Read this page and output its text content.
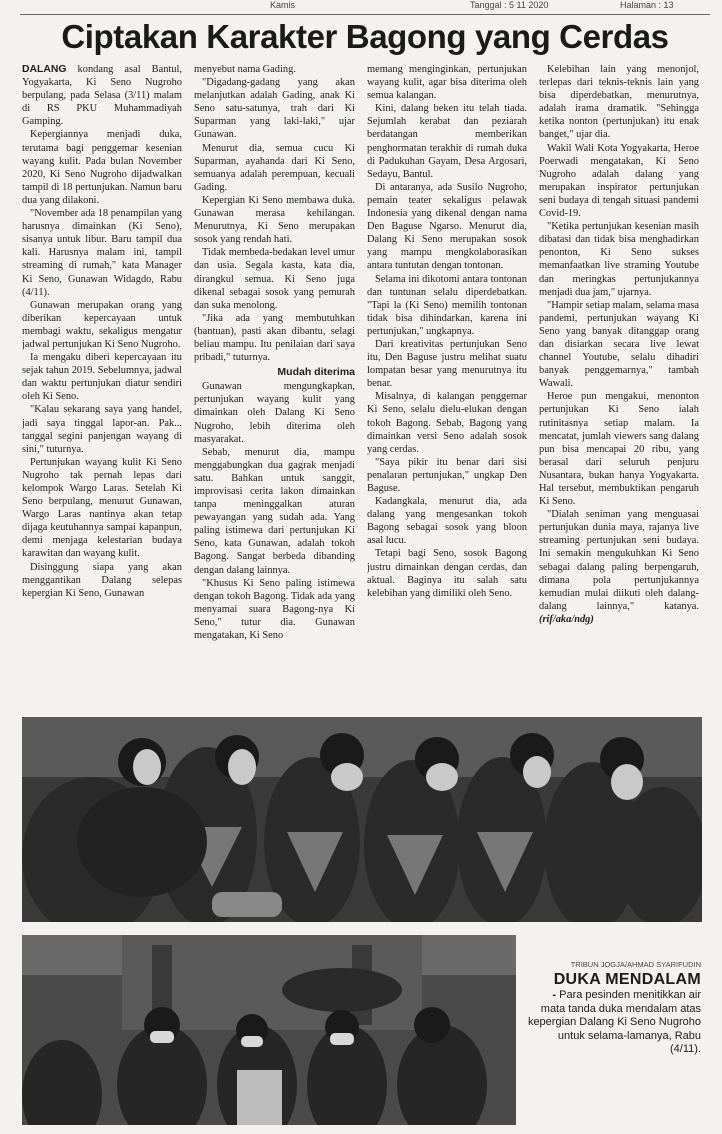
Kamis	Tanggal : 5 11 2020	Halaman : 13
Ciptakan Karakter Bagong yang Cerdas

DALANG kondang asal Bantul, Yogyakarta, Ki Seno Nugroho berpulang, pada Selasa (3/11) malam di RS PKU Muhammadiyah Gamping.

Kepergiannya menjadi duka, terutama bagi penggemar kesenian wayang kulit. Pada bulan November 2020, Ki Seno Nugroho dijadwalkan tampil di 18 pertunjukan. Namun baru dua yang dilakoni.

"November ada 18 penampilan yang harusnya dimainkan (Ki Seno), sisanya untuk libur. Baru tampil dua kali. Harusnya malam ini, tampil streaming di rumah," kata Manager Ki Seno, Gunawan Widagdo, Rabu (4/11).

Gunawan merupakan orang yang diberikan kepercayaan untuk membagi waktu, sekaligus mengatur jadwal pertunjukan Ki Seno Nugroho.

Ia mengaku diberi kepercayaan itu sejak tahun 2019. Sebelumnya, jadwal dan waktu pertunjukan diatur sendiri oleh Ki Seno.

"Kalau sekarang saya yang handel, jadi saya tinggal lapor-an. Pak... tanggal segini panjengan wayang di sini," tuturnya.

Pertunjukan wayang kulit Ki Seno Nugroho tak pernah lepas dari kelompok Wargo Laras. Setelah Ki Seno berpulang, menurut Gunawan, Wargo Laras nantinya akan tetap dijaga keutuhannya sampai kapanpun, demi menjaga kelestarian budaya karawitan dan wayang kulit.

Disinggung siapa yang akan menggantikan Dalang selepas kepergian Ki Seno, Gunawan

menyebut nama Gading.

"Digadang-gadang yang akan melanjutkan adalah Gading, anak Ki Seno satu-satunya, trah dari Ki Suparman yang laki-laki," ujar Gunawan.

Menurut dia, semua cucu Ki Suparman, ayahanda dari Ki Seno, semuanya adalah perempuan, kecuali Gading.

Kepergian Ki Seno membawa duka. Gunawan merasa kehilangan. Menurutnya, Ki Seno merupakan sosok yang rendah hati.

Tidak membeda-bedakan level umur dan usia. Segala kasta, kata dia, dirangkul semua. Ki Seno juga dikenal sebagai sosok yang pemurah dan suka menolong.

"Jika ada yang membutuhkan (bantuan), pasti akan dibantu, selagi beliau mampu. Itu penilaian dari saya pribadi," tuturnya.

Mudah diterima

Gunawan mengungkapkan, pertunjukan wayang kulit yang dimainkan oleh Dalang Ki Seno Nugroho, lebih diterima oleh masyarakat.

Sebab, menurut dia, mampu menggabungkan dua gagrak menjadi satu. Bahkan untuk sanggit, improvisasi cerita lakon dimainkan tanpa meninggalkan aturan pewayangan yang sudah ada. Yang paling istimewa dari pertunjukan Ki Seno, kata Gunawan, adalah tokoh Bagong. Sangat berbeda dibanding dengan dalang lainnya.

"Khusus Ki Seno paling istimewa dengan tokoh Bagong. Tidak ada yang menyamai suara Bagong-nya Ki Seno," tutur dia. Gunawan mengatakan, Ki Seno

memang menginginkan, pertunjukan wayang kulit, agar bisa diterima oleh semua kalangan.

Kini, dalang beken itu telah tiada. Sejumlah kerabat dan peziarah berdatangan memberikan penghormatan terakhir di rumah duka di Padukuhan Gayam, Desa Argosari, Sedayu, Bantul.

Di antaranya, ada Susilo Nugroho, pemain teater sekaligus pelawak Indonesia yang dikenal dengan nama Den Baguse Ngarso. Menurut dia, Dalang Ki Seno merupakan sosok yang mampu mengkolaborasikan antara tuntutan dengan tontonan.

Selama ini dikotomi antara tontonan dan tuntunan selalu diperdebatkan. "Tapi la (Ki Seno) memilih tontonan tidak bisa dihindarkan, karena ini pertunjukan," ungkapnya.

Dari kreativitas pertunjukan Seno itu, Den Baguse justru melihat suatu lompatan besar yang menurutnya itu benar.

Misalnya, di kalangan penggemar Ki Seno, selalu dielu-elukan dengan tokoh Bagong. Sebab, Bagong yang dimainkan versi Seno adalah sosok yang cerdas.

"Saya pikir itu benar dari sisi penalaran pertunjukan," ungkap Den Baguse.

Kadangkala, menurut dia, ada dalang yang mengesankan tokoh Bagong sebagai sosok yang bloon asal lucu.

Tetapi bagi Seno, sosok Bagong justru dimainkan dengan cerdas, dan aktual. Baginya itu salah satu kelebihan yang dimiliki oleh Seno.

Kelebihan lain yang menonjol, terlepas dari teknis-teknis lain yang bisa diperdebatkan, menurutnya, adalah irama dramatik. "Sehingga ketika nonton (pertunjukan) itu enak banget," ujar dia.

Wakil Wali Kota Yogyakarta, Heroe Poerwadi mengatakan, Ki Seno Nugroho adalah dalang yang merupakan inspirator pertunjukan seni budaya di tengah situasi pandemi Covid-19.

"Ketika pertunjukan kesenian masih dibatasi dan tidak bisa menghadirkan penonton, Ki Seno sukses memanfaatkan live straming Youtube dan meringkas pertunjukannya menjadi dua jam," ujarnya.

"Hampir setiap malam, selama masa pandemi, pertunjukan wayang Ki Seno yang banyak ditanggap orang dan disiarkan secara live lewat channel Youtube, selalu dihadiri banyak penggemarnya," tambah Wawali.

Heroe pun mengakui, menonton pertunjukan Ki Seno ialah rutinitasnya setiap malam. Ia mencatat, jumlah viewers sang dalang pun bisa mencapai 20 ribu, yang berasal dari seluruh penjuru Nusantara, bukan hanya Yogyakarta. Hal tersebut, membuktikan pengaruh Ki Seno.

"Dialah seniman yang menguasai pertunjukan dunia maya, rajanya live streaming pertunjukan seni budaya. Ini semakin mengukuhkan Ki Seno sebagai dalang paling berpengaruh, dimana pola pertunjukannya kemudian mulai diikuti oleh dalang-dalang lainnya," katanya. (rif/aka/ndg)

TRIBUN JOGJA/AHMAD SYARIFUDIN
DUKA MENDALAM
- Para pesinden menitikkan air mata tanda duka mendalam atas kepergian Dalang Ki Seno Nugroho untuk selama-lamanya, Rabu (4/11).
